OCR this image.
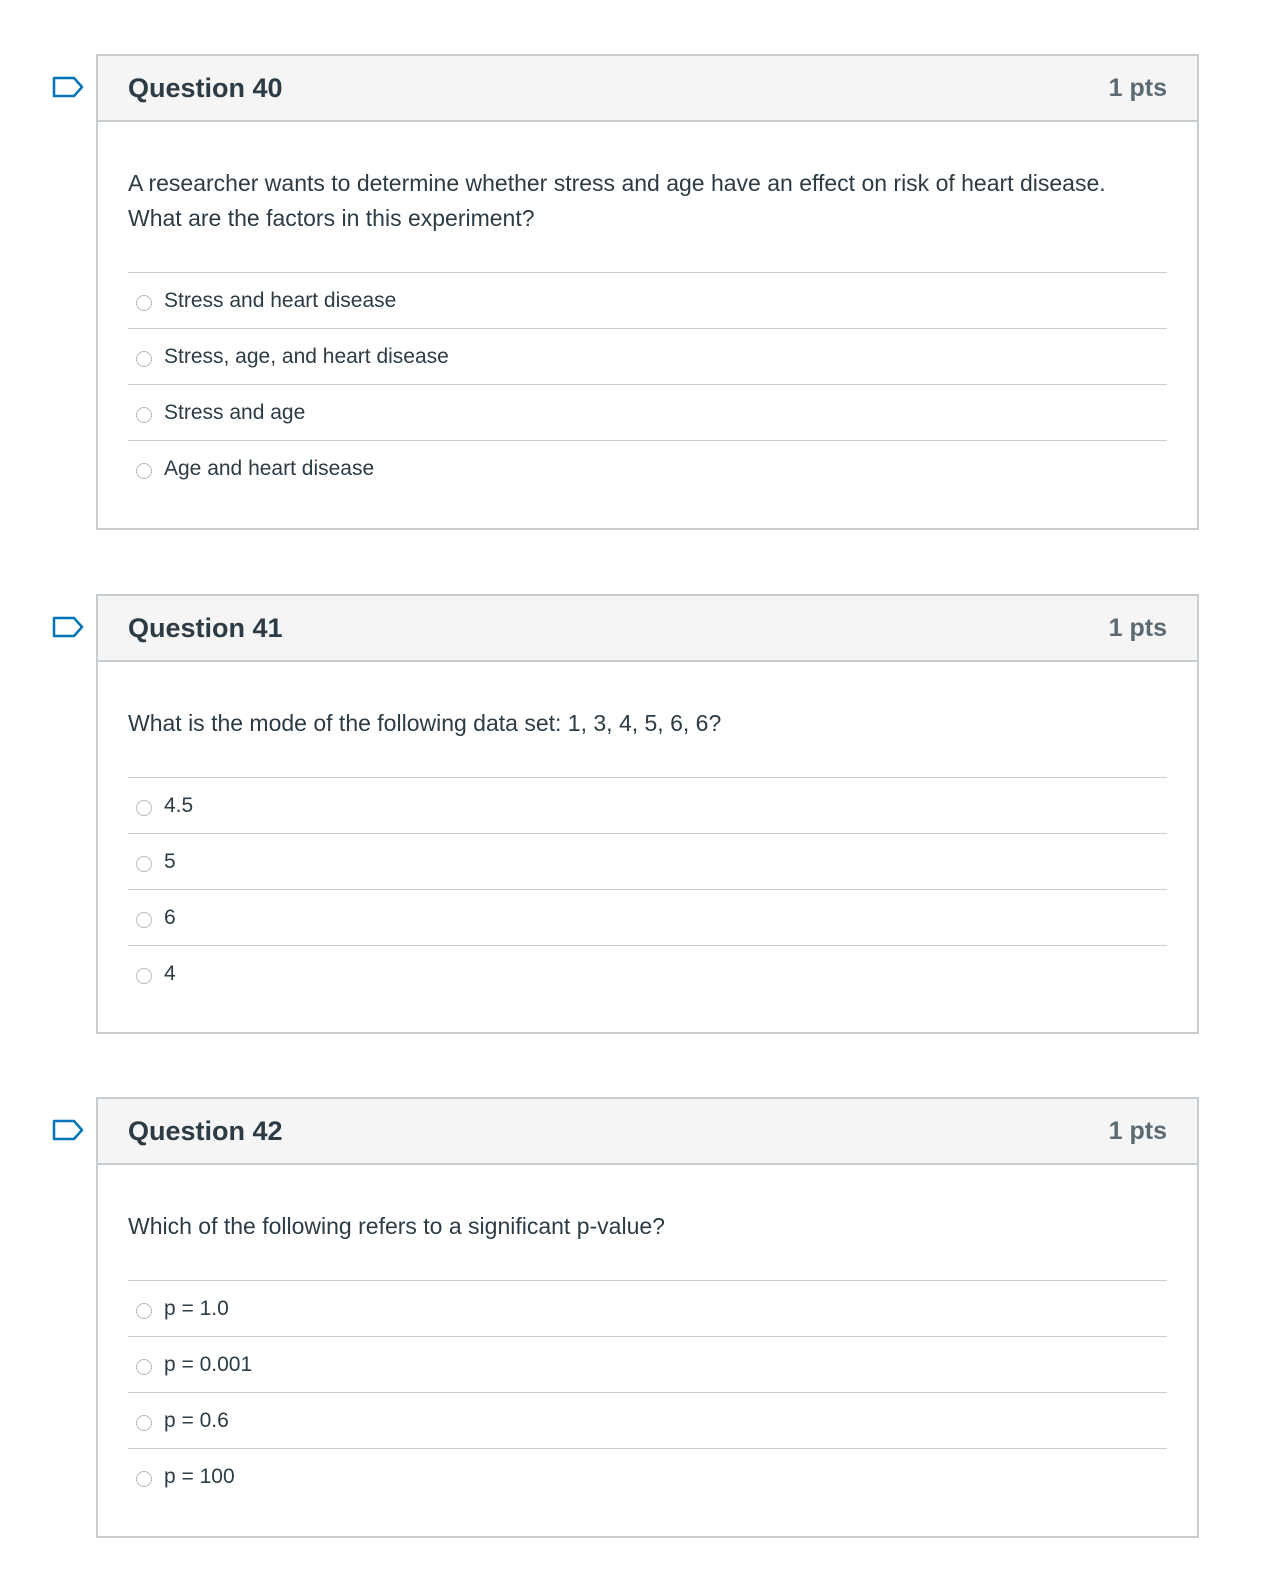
Question 40	1 pts
A researcher wants to determine whether stress and age have an effect on risk of heart disease.
What are the factors in this experiment?
Stress and heart disease
Stress, age, and heart disease
Stress and age
Age and heart disease
Question 41	1 pts
What is the mode of the following data set: 1, 3, 4, 5, 6, 6?
4.5
5
6
4
Question 42	1 pts
Which of the following refers to a significant p-value?
p = 1.0
p = 0.001
p = 0.6
p = 100
